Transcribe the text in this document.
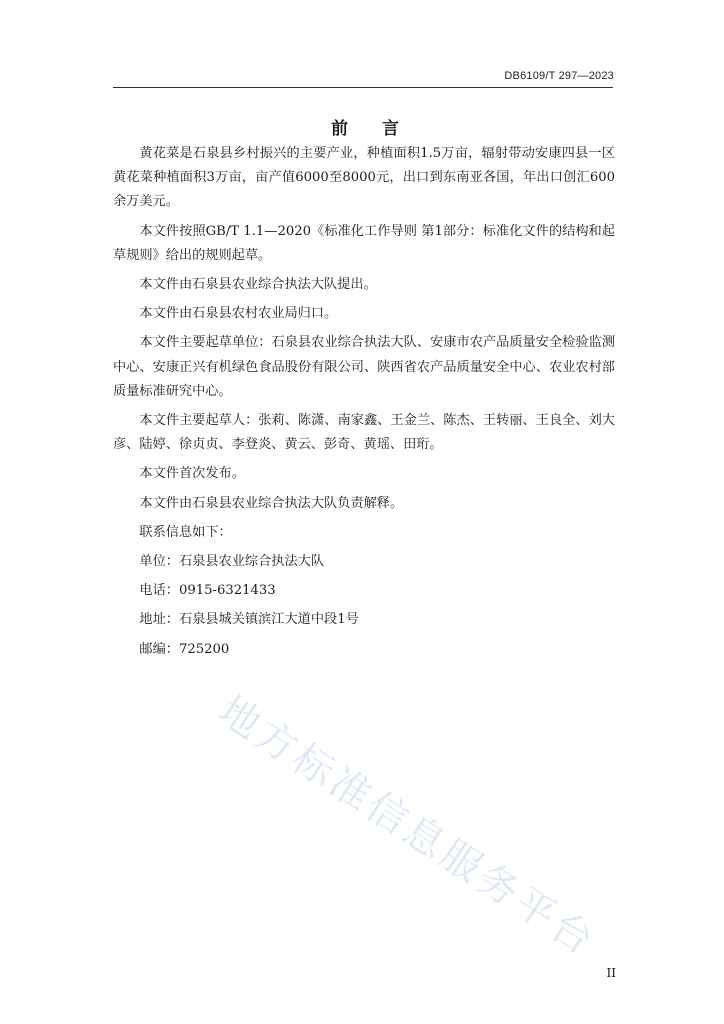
DB6109/T 297—2023
前 言

黄花菜是石泉县乡村振兴的主要产业，种植面积1.5万亩，辐射带动安康四县一区黄花菜种植面积3万亩，亩产值6000至8000元，出口到东南亚各国，年出口创汇600余万美元。

本文件按照GB/T 1.1—2020《标准化工作导则 第1部分：标准化文件的结构和起草规则》给出的规则起草。

本文件由石泉县农业综合执法大队提出。

本文件由石泉县农村农业局归口。

本文件主要起草单位：石泉县农业综合执法大队、安康市农产品质量安全检验监测中心、安康正兴有机绿色食品股份有限公司、陕西省农产品质量安全中心、农业农村部质量标准研究中心。

本文件主要起草人：张莉、陈潇、南家鑫、王金兰、陈杰、王转丽、王良全、刘大彦、陆婷、徐贞贞、李登炎、黄云、彭奇、黄瑶、田珩。

本文件首次发布。

本文件由石泉县农业综合执法大队负责解释。

联系信息如下：

单位：石泉县农业综合执法大队

电话：0915-6321433

地址：石泉县城关镇滨江大道中段1号

邮编：725200

地方标准信息服务平台
II
